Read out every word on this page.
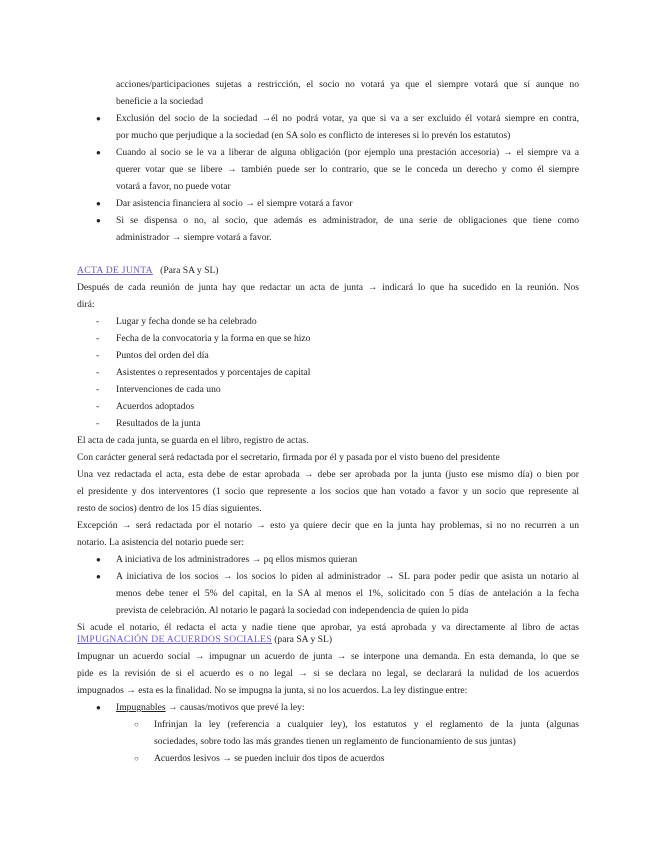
acciones/participaciones sujetas a restricción, el socio no votará ya que el siempre votará que sí aunque no
beneficie a la sociedad
● Exclusión del socio de la sociedad →él no podrá votar, ya que si va a ser excluido él votará siempre en contra,
por mucho que perjudique a la sociedad (en SA solo es conflicto de intereses si lo prevén los estatutos)
● Cuando al socio se le va a liberar de alguna obligación (por ejemplo una prestación accesoria) → el siempre va a
querer votar que se libere → también puede ser lo contrario, que se le conceda un derecho y como él siempre
votará a favor, no puede votar
● Dar asistencia financiera al socio → el siempre votará a favor
● Si se dispensa o no, al socio, que además es administrador, de una serie de obligaciones que tiene como
administrador → siempre votará a favor.
ACTA DE JUNTA (Para SA y SL)
Después de cada reunión de junta hay que redactar un acta de junta → indicará lo que ha sucedido en la reunión. Nos
dirá:
- Lugar y fecha donde se ha celebrado
- Fecha de la convocatoria y la forma en que se hizo
- Puntos del orden del día
- Asistentes o representados y porcentajes de capital
- Intervenciones de cada uno
- Acuerdos adoptados
- Resultados de la junta
El acta de cada junta, se guarda en el libro, registro de actas.
Con carácter general será redactada por el secretario, firmada por él y pasada por el visto bueno del presidente
Una vez redactada el acta, esta debe de estar aprobada → debe ser aprobada por la junta (justo ese mismo día) o bien por
el presidente y dos interventores (1 socio que represente a los socios que han votado a favor y un socio que represente al
resto de socios) dentro de los 15 días siguientes.
Excepción → será redactada por el notario → esto ya quiere decir que en la junta hay problemas, si no no recurren a un
notario. La asistencia del notario puede ser:
● A iniciativa de los administradores → pq ellos mismos quieran
● A iniciativa de los socios → los socios lo piden al administrador → SL para poder pedir que asista un notario al
menos debe tener el 5% del capital, en la SA al menos el 1%, solicitado con 5 días de antelación a la fecha
prevista de celebración. Al notario le pagará la sociedad con independencia de quien lo pida
Si acude el notario, él redacta el acta y nadie tiene que aprobar, ya está aprobada y va directamente al libro de actas
IMPUGNACIÓN DE ACUERDOS SOCIALES (para SA y SL)
Impugnar un acuerdo social → impugnar un acuerdo de junta → se interpone una demanda. En esta demanda, lo que se
pide es la revisión de si el acuerdo es o no legal → si se declara no legal, se declarará la nulidad de los acuerdos
impugnados → esta es la finalidad. No se impugna la junta, si no los acuerdos. La ley distingue entre:
● Impugnables → causas/motivos que prevé la ley:
○ Infrinjan la ley (referencia a cualquier ley), los estatutos y el reglamento de la junta (algunas
sociedades, sobre todo las más grandes tienen un reglamento de funcionamiento de sus juntas)
○ Acuerdos lesivos → se pueden incluir dos tipos de acuerdos
